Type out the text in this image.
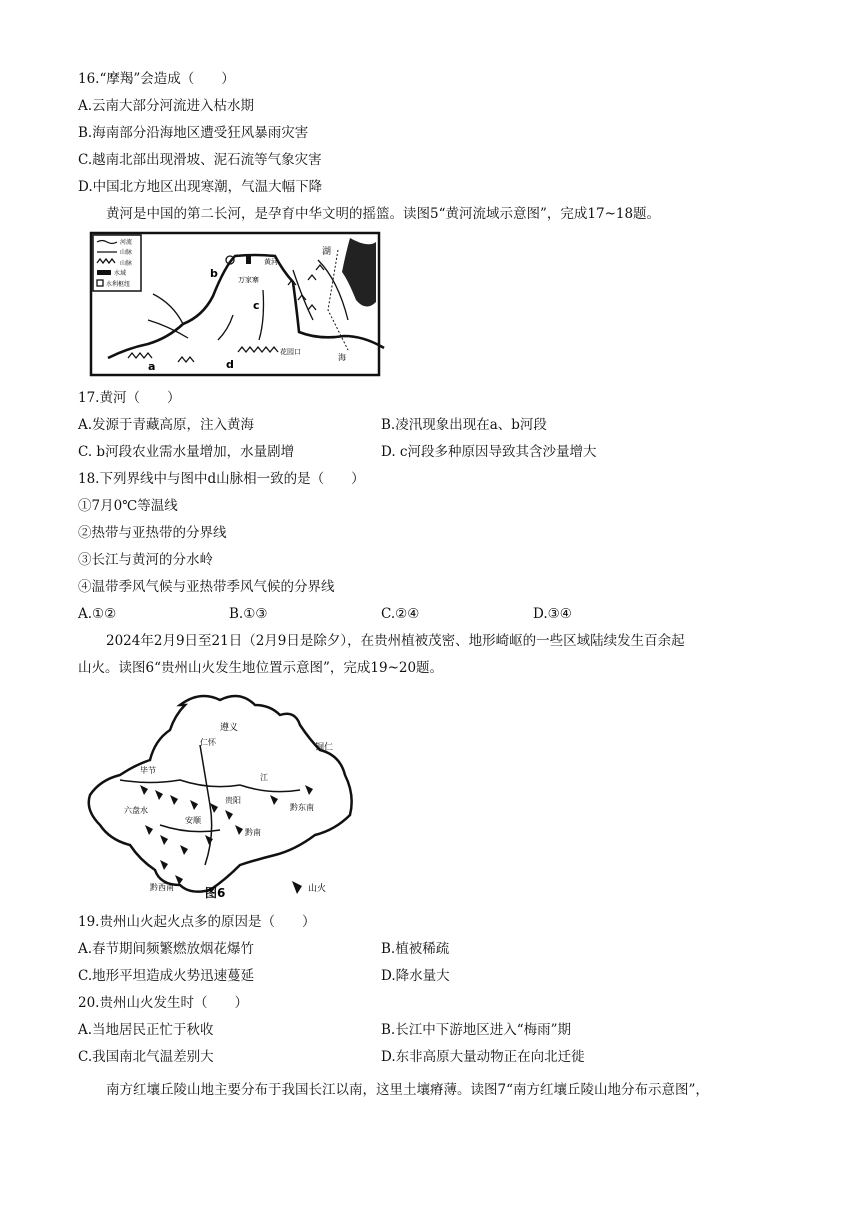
16.“摩羯”会造成（　　）
A.云南大部分河流进入枯水期
B.海南部分沿海地区遭受狂风暴雨灾害
C.越南北部出现滑坡、泥石流等气象灾害
D.中国北方地区出现寒潮，气温大幅下降
黄河是中国的第二长河，是孕育中华文明的摇篮。读图5“黄河流域示意图”，完成17~18题。
河流
山脉
山脉
水域
水利枢纽
a
b
c
d
万家寨
花园口
黄河
湖
海
17.黄河（　　）
A.发源于青藏高原，注入黄海	B.凌汛现象出现在a、b河段
C. b河段农业需水量增加，水量剧增	D. c河段多种原因导致其含沙量增大
18.下列界线中与图中d山脉相一致的是（　　）
①7月0℃等温线
②热带与亚热带的分界线
③长江与黄河的分水岭
④温带季风气候与亚热带季风气候的分界线
A.①②	B.①③	C.②④	D.③④
2024年2月9日至21日（2月9日是除夕），在贵州植被茂密、地形崎岖的一些区域陆续发生百余起
山火。读图6“贵州山火发生地位置示意图”，完成19~20题。
遵义
铜仁
贵阳
安顺
黔东南
六盘水
毕节
黔南
黔西南
仁怀
江
图6	山火
19.贵州山火起火点多的原因是（　　）
A.春节期间频繁燃放烟花爆竹	B.植被稀疏
C.地形平坦造成火势迅速蔓延	D.降水量大
20.贵州山火发生时（　　）
A.当地居民正忙于秋收	B.长江中下游地区进入“梅雨”期
C.我国南北气温差别大	D.东非高原大量动物正在向北迁徙
南方红壤丘陵山地主要分布于我国长江以南，这里土壤瘠薄。读图7“南方红壤丘陵山地分布示意图”，
